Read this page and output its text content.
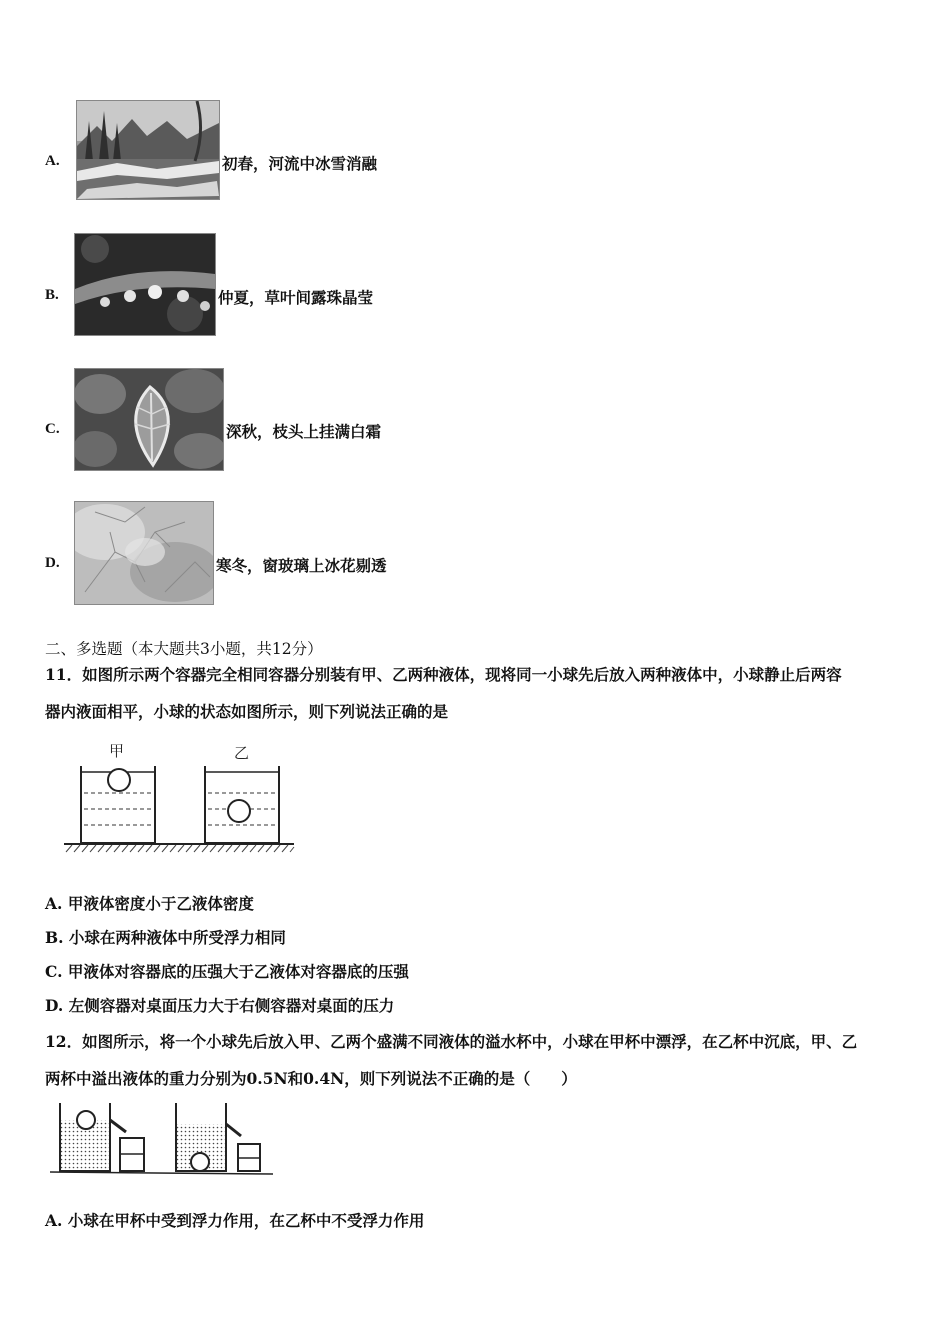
A.	初春，河流中冰雪消融
B.	仲夏，草叶间露珠晶莹
C.	深秋，枝头上挂满白霜
D.	寒冬，窗玻璃上冰花剔透
二、多选题（本大题共3小题，共12分）
11．如图所示两个容器完全相同容器分别装有甲、乙两种液体，现将同一小球先后放入两种液体中，小球静止后两容
器内液面相平，小球的状态如图所示，则下列说法正确的是
甲	乙
A. 甲液体密度小于乙液体密度
B. 小球在两种液体中所受浮力相同
C. 甲液体对容器底的压强大于乙液体对容器底的压强
D. 左侧容器对桌面压力大于右侧容器对桌面的压力
12．如图所示，将一个小球先后放入甲、乙两个盛满不同液体的溢水杯中，小球在甲杯中漂浮，在乙杯中沉底，甲、乙
两杯中溢出液体的重力分别为0.5N和0.4N，则下列说法不正确的是（　　）
A. 小球在甲杯中受到浮力作用，在乙杯中不受浮力作用
